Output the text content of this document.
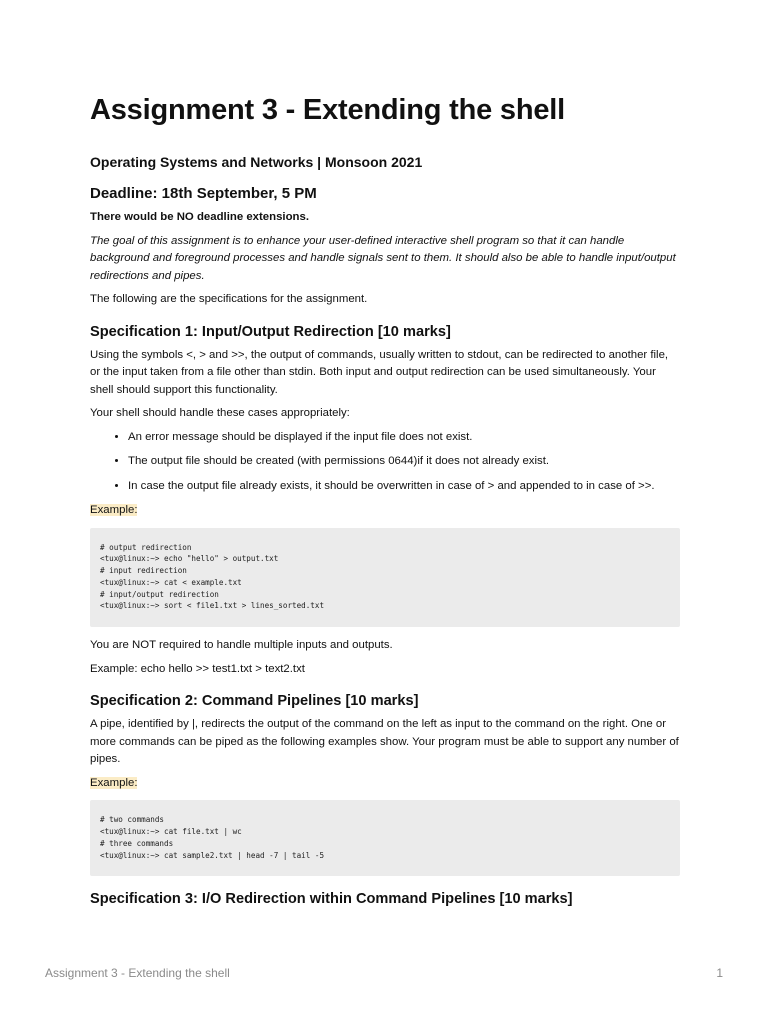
Assignment 3 - Extending the shell
Operating Systems and Networks | Monsoon 2021
Deadline: 18th September, 5 PM

There would be NO deadline extensions.

The goal of this assignment is to enhance your user-defined interactive shell program so that it can handle background and foreground processes and handle signals sent to them. It should also be able to handle input/output redirections and pipes.

The following are the specifications for the assignment.

Specification 1: Input/Output Redirection [10 marks]

Using the symbols <, > and >>, the output of commands, usually written to stdout, can be redirected to another file, or the input taken from a file other than stdin. Both input and output redirection can be used simultaneously. Your shell should support this functionality.

Your shell should handle these cases appropriately:

• An error message should be displayed if the input file does not exist.
• The output file should be created (with permissions 0644)if it does not already exist.
• In case the output file already exists, it should be overwritten in case of > and appended to in case of >>.

Example:

# output redirection
<tux@linux:~> echo "hello" > output.txt
# input redirection
<tux@linux:~> cat < example.txt
# input/output redirection
<tux@linux:~> sort < file1.txt > lines_sorted.txt

You are NOT required to handle multiple inputs and outputs.

Example: echo hello >> test1.txt > text2.txt

Specification 2: Command Pipelines [10 marks]

A pipe, identified by |, redirects the output of the command on the left as input to the command on the right. One or more commands can be piped as the following examples show. Your program must be able to support any number of pipes.

Example:

# two commands
<tux@linux:~> cat file.txt | wc
# three commands
<tux@linux:~> cat sample2.txt | head -7 | tail -5
Specification 3: I/O Redirection within Command Pipelines [10 marks]
Assignment 3 - Extending the shell	1
